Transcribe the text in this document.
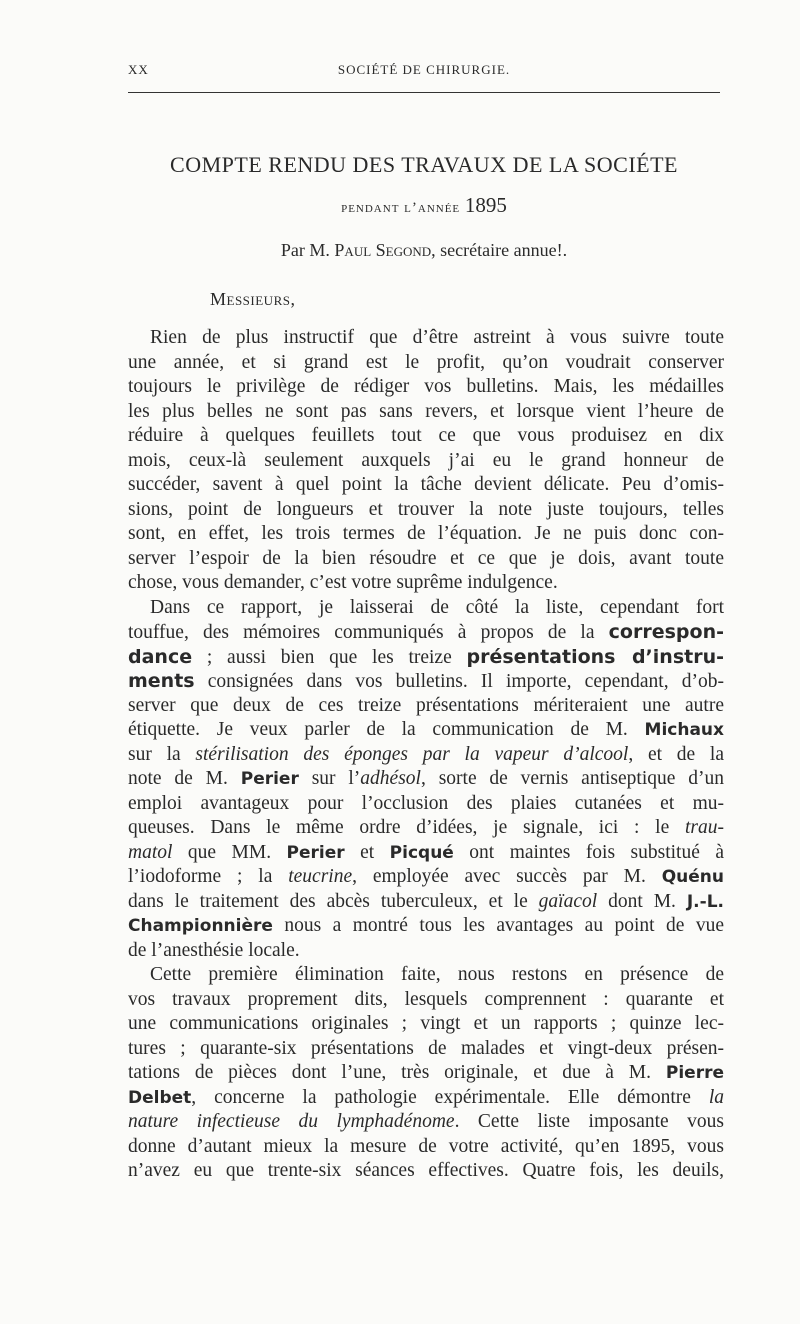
XX	SOCIÉTÉ DE CHIRURGIE.
COMPTE RENDU DES TRAVAUX DE LA SOCIÉTE
pendant l’année 1895
Par M. Paul Segond, secrétaire annue!.
Messieurs,
Rien de plus instructif que d’être astreint à vous suivre toute
une année, et si grand est le profit, qu’on voudrait conserver
toujours le privilège de rédiger vos bulletins. Mais, les médailles
les plus belles ne sont pas sans revers, et lorsque vient l’heure de
réduire à quelques feuillets tout ce que vous produisez en dix
mois, ceux-là seulement auxquels j’ai eu le grand honneur de
succéder, savent à quel point la tâche devient délicate. Peu d’omis-
sions, point de longueurs et trouver la note juste toujours, telles
sont, en effet, les trois termes de l’équation. Je ne puis donc con-
server l’espoir de la bien résoudre et ce que je dois, avant toute
chose, vous demander, c’est votre suprême indulgence.
Dans ce rapport, je laisserai de côté la liste, cependant fort
touffue, des mémoires communiqués à propos de la correspon-
dance ; aussi bien que les treize présentations d’instru-
ments consignées dans vos bulletins. Il importe, cependant, d’ob-
server que deux de ces treize présentations mériteraient une autre
étiquette. Je veux parler de la communication de M. Michaux
sur la stérilisation des éponges par la vapeur d’alcool, et de la
note de M. Perier sur l’adhésol, sorte de vernis antiseptique d’un
emploi avantageux pour l’occlusion des plaies cutanées et mu-
queuses. Dans le même ordre d’idées, je signale, ici : le trau-
matol que MM. Perier et Picqué ont maintes fois substitué à
l’iodoforme ; la teucrine, employée avec succès par M. Quénu
dans le traitement des abcès tuberculeux, et le gaïacol dont M. J.-L.
Championnière nous a montré tous les avantages au point de vue
de l’anesthésie locale.
Cette première élimination faite, nous restons en présence de
vos travaux proprement dits, lesquels comprennent : quarante et
une communications originales ; vingt et un rapports ; quinze lec-
tures ; quarante-six présentations de malades et vingt-deux présen-
tations de pièces dont l’une, très originale, et due à M. Pierre
Delbet, concerne la pathologie expérimentale. Elle démontre la
nature infectieuse du lymphadénome. Cette liste imposante vous
donne d’autant mieux la mesure de votre activité, qu’en 1895, vous
n’avez eu que trente-six séances effectives. Quatre fois, les deuils,
